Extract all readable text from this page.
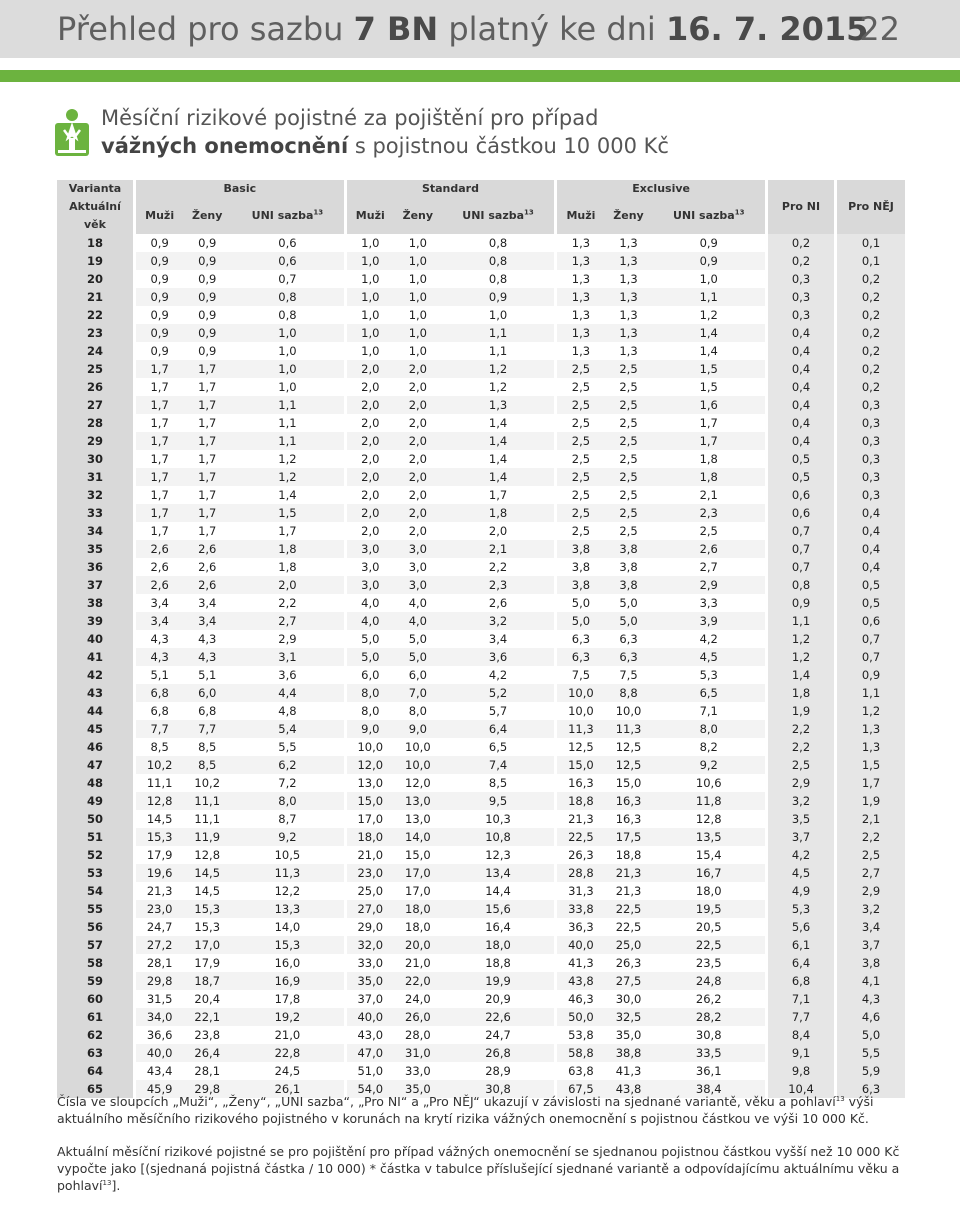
Přehled pro sazbu 7 BN platný ke dni 16. 7. 2015
22
Měsíční rizikové pojistné za pojištění pro případ
vážných onemocnění s pojistnou částkou 10 000 Kč
Varianta	Basic			Standard			Exclusive			Pro NI	Pro NĚJ
Aktuální věk	Muži	Ženy	UNI sazba$^{13}$	Muži	Ženy	UNI sazba$^{13}$	Muži	Ženy	UNI sazba$^{13}$
18	0,9	0,9	0,6	1,0	1,0	0,8	1,3	1,3	0,9	0,2	0,1
19	0,9	0,9	0,6	1,0	1,0	0,8	1,3	1,3	0,9	0,2	0,1
20	0,9	0,9	0,7	1,0	1,0	0,8	1,3	1,3	1,0	0,3	0,2
21	0,9	0,9	0,8	1,0	1,0	0,9	1,3	1,3	1,1	0,3	0,2
22	0,9	0,9	0,8	1,0	1,0	1,0	1,3	1,3	1,2	0,3	0,2
23	0,9	0,9	1,0	1,0	1,0	1,1	1,3	1,3	1,4	0,4	0,2
24	0,9	0,9	1,0	1,0	1,0	1,1	1,3	1,3	1,4	0,4	0,2
25	1,7	1,7	1,0	2,0	2,0	1,2	2,5	2,5	1,5	0,4	0,2
26	1,7	1,7	1,0	2,0	2,0	1,2	2,5	2,5	1,5	0,4	0,2
27	1,7	1,7	1,1	2,0	2,0	1,3	2,5	2,5	1,6	0,4	0,3
28	1,7	1,7	1,1	2,0	2,0	1,4	2,5	2,5	1,7	0,4	0,3
29	1,7	1,7	1,1	2,0	2,0	1,4	2,5	2,5	1,7	0,4	0,3
30	1,7	1,7	1,2	2,0	2,0	1,4	2,5	2,5	1,8	0,5	0,3
31	1,7	1,7	1,2	2,0	2,0	1,4	2,5	2,5	1,8	0,5	0,3
32	1,7	1,7	1,4	2,0	2,0	1,7	2,5	2,5	2,1	0,6	0,3
33	1,7	1,7	1,5	2,0	2,0	1,8	2,5	2,5	2,3	0,6	0,4
34	1,7	1,7	1,7	2,0	2,0	2,0	2,5	2,5	2,5	0,7	0,4
35	2,6	2,6	1,8	3,0	3,0	2,1	3,8	3,8	2,6	0,7	0,4
36	2,6	2,6	1,8	3,0	3,0	2,2	3,8	3,8	2,7	0,7	0,4
37	2,6	2,6	2,0	3,0	3,0	2,3	3,8	3,8	2,9	0,8	0,5
38	3,4	3,4	2,2	4,0	4,0	2,6	5,0	5,0	3,3	0,9	0,5
39	3,4	3,4	2,7	4,0	4,0	3,2	5,0	5,0	3,9	1,1	0,6
40	4,3	4,3	2,9	5,0	5,0	3,4	6,3	6,3	4,2	1,2	0,7
41	4,3	4,3	3,1	5,0	5,0	3,6	6,3	6,3	4,5	1,2	0,7
42	5,1	5,1	3,6	6,0	6,0	4,2	7,5	7,5	5,3	1,4	0,9
43	6,8	6,0	4,4	8,0	7,0	5,2	10,0	8,8	6,5	1,8	1,1
44	6,8	6,8	4,8	8,0	8,0	5,7	10,0	10,0	7,1	1,9	1,2
45	7,7	7,7	5,4	9,0	9,0	6,4	11,3	11,3	8,0	2,2	1,3
46	8,5	8,5	5,5	10,0	10,0	6,5	12,5	12,5	8,2	2,2	1,3
47	10,2	8,5	6,2	12,0	10,0	7,4	15,0	12,5	9,2	2,5	1,5
48	11,1	10,2	7,2	13,0	12,0	8,5	16,3	15,0	10,6	2,9	1,7
49	12,8	11,1	8,0	15,0	13,0	9,5	18,8	16,3	11,8	3,2	1,9
50	14,5	11,1	8,7	17,0	13,0	10,3	21,3	16,3	12,8	3,5	2,1
51	15,3	11,9	9,2	18,0	14,0	10,8	22,5	17,5	13,5	3,7	2,2
52	17,9	12,8	10,5	21,0	15,0	12,3	26,3	18,8	15,4	4,2	2,5
53	19,6	14,5	11,3	23,0	17,0	13,4	28,8	21,3	16,7	4,5	2,7
54	21,3	14,5	12,2	25,0	17,0	14,4	31,3	21,3	18,0	4,9	2,9
55	23,0	15,3	13,3	27,0	18,0	15,6	33,8	22,5	19,5	5,3	3,2
56	24,7	15,3	14,0	29,0	18,0	16,4	36,3	22,5	20,5	5,6	3,4
57	27,2	17,0	15,3	32,0	20,0	18,0	40,0	25,0	22,5	6,1	3,7
58	28,1	17,9	16,0	33,0	21,0	18,8	41,3	26,3	23,5	6,4	3,8
59	29,8	18,7	16,9	35,0	22,0	19,9	43,8	27,5	24,8	6,8	4,1
60	31,5	20,4	17,8	37,0	24,0	20,9	46,3	30,0	26,2	7,1	4,3
61	34,0	22,1	19,2	40,0	26,0	22,6	50,0	32,5	28,2	7,7	4,6
62	36,6	23,8	21,0	43,0	28,0	24,7	53,8	35,0	30,8	8,4	5,0
63	40,0	26,4	22,8	47,0	31,0	26,8	58,8	38,8	33,5	9,1	5,5
64	43,4	28,1	24,5	51,0	33,0	28,9	63,8	41,3	36,1	9,8	5,9
65	45,9	29,8	26,1	54,0	35,0	30,8	67,5	43,8	38,4	10,4	6,3

Čísla ve sloupcích „Muži“, „Ženy“, „UNI sazba“, „Pro NI“ a „Pro NĚJ“ ukazují v závislosti na sjednané variantě, věku a pohlaví$^{13}$ výši aktuálního měsíčního rizikového pojistného v korunách na krytí rizika vážných onemocnění s pojistnou částkou ve výši 10 000 Kč.

Aktuální měsíční rizikové pojistné se pro pojištění pro případ vážných onemocnění se sjednanou pojistnou částkou vyšší než 10 000 Kč vypočte jako [(sjednaná pojistná částka / 10 000) * částka v tabulce příslušející sjednané variantě a odpovídajícímu aktuálnímu věku a pohlaví$^{13}$].
